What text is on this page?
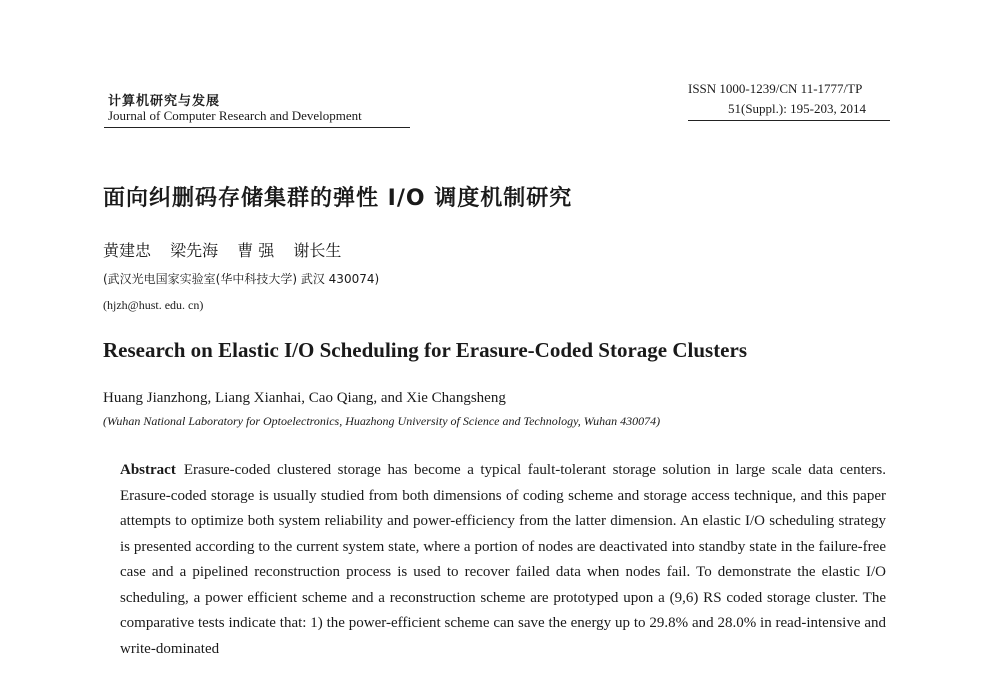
计算机研究与发展
Journal of Computer Research and Development
ISSN 1000-1239/CN 11-1777/TP
51(Suppl.): 195-203, 2014
面向纠删码存储集群的弹性 I/O 调度机制研究
黄建忠 梁先海 曹 强 谢长生
(武汉光电国家实验室(华中科技大学) 武汉 430074)
(hjzh@hust. edu. cn)
Research on Elastic I/O Scheduling for Erasure-Coded Storage Clusters
Huang Jianzhong, Liang Xianhai, Cao Qiang, and Xie Changsheng
(Wuhan National Laboratory for Optoelectronics, Huazhong University of Science and Technology, Wuhan 430074)
Abstract Erasure-coded clustered storage has become a typical fault-tolerant storage solution in large scale data centers. Erasure-coded storage is usually studied from both dimensions of coding scheme and storage access technique, and this paper attempts to optimize both system reliability and power-efficiency from the latter dimension. An elastic I/O scheduling strategy is presented according to the current system state, where a portion of nodes are deactivated into standby state in the failure-free case and a pipelined reconstruction process is used to recover failed data when nodes fail. To demonstrate the elastic I/O scheduling, a power efficient scheme and a reconstruction scheme are prototyped upon a (9,6) RS coded storage cluster. The comparative tests indicate that: 1) the power-efficient scheme can save the energy up to 29.8% and 28.0% in read-intensive and write-dominated
